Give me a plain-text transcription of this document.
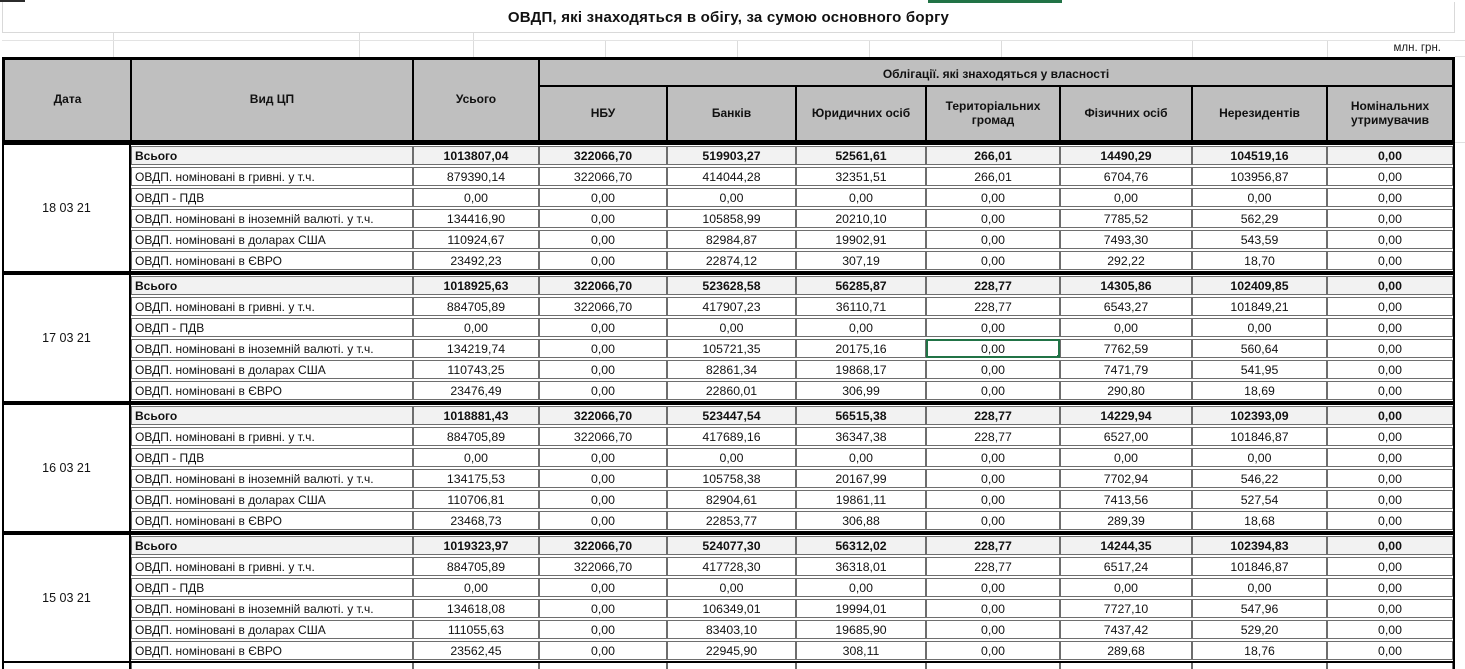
ОВДП, які знаходяться в обігу, за сумою основного боргу
млн. грн.
Дата	Вид ЦП	Усього
Облігації. які знаходяться у власності
НБУ	Банків	Юридичних осіб	Територіальних громад	Фізичних осіб	Нерезидентів	Номінальних утримувачив
18 03 21
Всього	1013807,04	322066,70	519903,27	52561,61	266,01	14490,29	104519,16	0,00
ОВДП. номіновані в гривні. у т.ч.	879390,14	322066,70	414044,28	32351,51	266,01	6704,76	103956,87	0,00
ОВДП - ПДВ	0,00	0,00	0,00	0,00	0,00	0,00	0,00	0,00
ОВДП. номіновані в іноземній валюті. у т.ч.	134416,90	0,00	105858,99	20210,10	0,00	7785,52	562,29	0,00
ОВДП. номіновані в доларах США	110924,67	0,00	82984,87	19902,91	0,00	7493,30	543,59	0,00
ОВДП. номіновані в ЄВРО	23492,23	0,00	22874,12	307,19	0,00	292,22	18,70	0,00
17 03 21
Всього	1018925,63	322066,70	523628,58	56285,87	228,77	14305,86	102409,85	0,00
ОВДП. номіновані в гривні. у т.ч.	884705,89	322066,70	417907,23	36110,71	228,77	6543,27	101849,21	0,00
ОВДП - ПДВ	0,00	0,00	0,00	0,00	0,00	0,00	0,00	0,00
ОВДП. номіновані в іноземній валюті. у т.ч.	134219,74	0,00	105721,35	20175,16	0,00	7762,59	560,64	0,00
ОВДП. номіновані в доларах США	110743,25	0,00	82861,34	19868,17	0,00	7471,79	541,95	0,00
ОВДП. номіновані в ЄВРО	23476,49	0,00	22860,01	306,99	0,00	290,80	18,69	0,00
16 03 21
Всього	1018881,43	322066,70	523447,54	56515,38	228,77	14229,94	102393,09	0,00
ОВДП. номіновані в гривні. у т.ч.	884705,89	322066,70	417689,16	36347,38	228,77	6527,00	101846,87	0,00
ОВДП - ПДВ	0,00	0,00	0,00	0,00	0,00	0,00	0,00	0,00
ОВДП. номіновані в іноземній валюті. у т.ч.	134175,53	0,00	105758,38	20167,99	0,00	7702,94	546,22	0,00
ОВДП. номіновані в доларах США	110706,81	0,00	82904,61	19861,11	0,00	7413,56	527,54	0,00
ОВДП. номіновані в ЄВРО	23468,73	0,00	22853,77	306,88	0,00	289,39	18,68	0,00
15 03 21
Всього	1019323,97	322066,70	524077,30	56312,02	228,77	14244,35	102394,83	0,00
ОВДП. номіновані в гривні. у т.ч.	884705,89	322066,70	417728,30	36318,01	228,77	6517,24	101846,87	0,00
ОВДП - ПДВ	0,00	0,00	0,00	0,00	0,00	0,00	0,00	0,00
ОВДП. номіновані в іноземній валюті. у т.ч.	134618,08	0,00	106349,01	19994,01	0,00	7727,10	547,96	0,00
ОВДП. номіновані в доларах США	111055,63	0,00	83403,10	19685,90	0,00	7437,42	529,20	0,00
ОВДП. номіновані в ЄВРО	23562,45	0,00	22945,90	308,11	0,00	289,68	18,76	0,00
